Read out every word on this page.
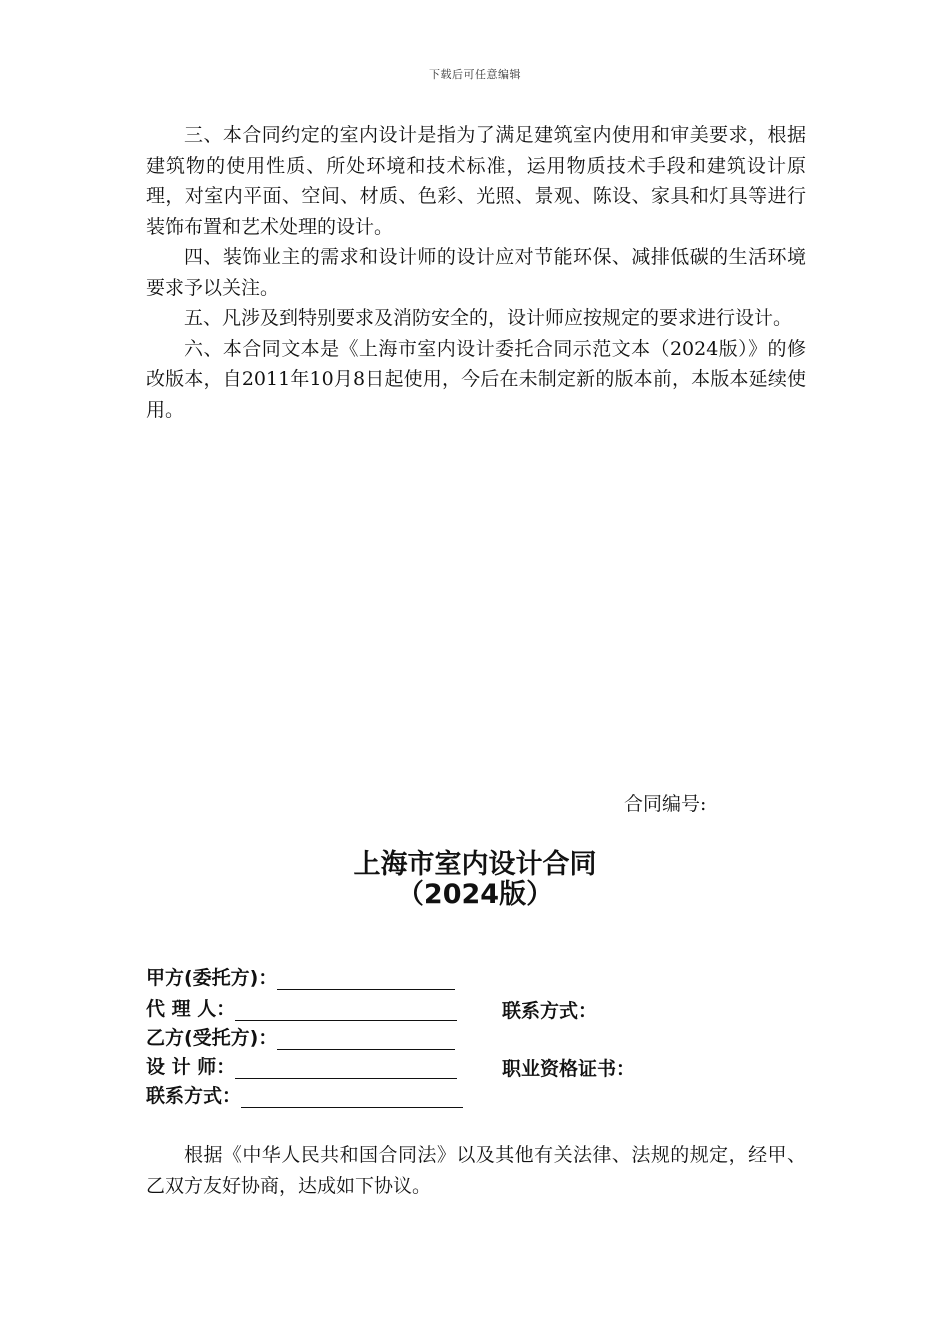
下载后可任意编辑

三、本合同约定的室内设计是指为了满足建筑室内使用和审美要求，根据建筑物的使用性质、所处环境和技术标准，运用物质技术手段和建筑设计原理，对室内平面、空间、材质、色彩、光照、景观、陈设、家具和灯具等进行装饰布置和艺术处理的设计。

四、装饰业主的需求和设计师的设计应对节能环保、减排低碳的生活环境要求予以关注。

五、凡涉及到特别要求及消防安全的，设计师应按规定的要求进行设计。

六、本合同文本是《上海市室内设计委托合同示范文本（2024版）》的修改版本，自2011年10月8日起使用，今后在未制定新的版本前，本版本延续使用。

合同编号:
上海市室内设计合同
（2024版）
甲方(委托方)：
代 理 人：	联系方式：
乙方(受托方)：
设 计 师：	职业资格证书：
联系方式：

根据《中华人民共和国合同法》以及其他有关法律、法规的规定，经甲、乙双方友好协商，达成如下协议。
